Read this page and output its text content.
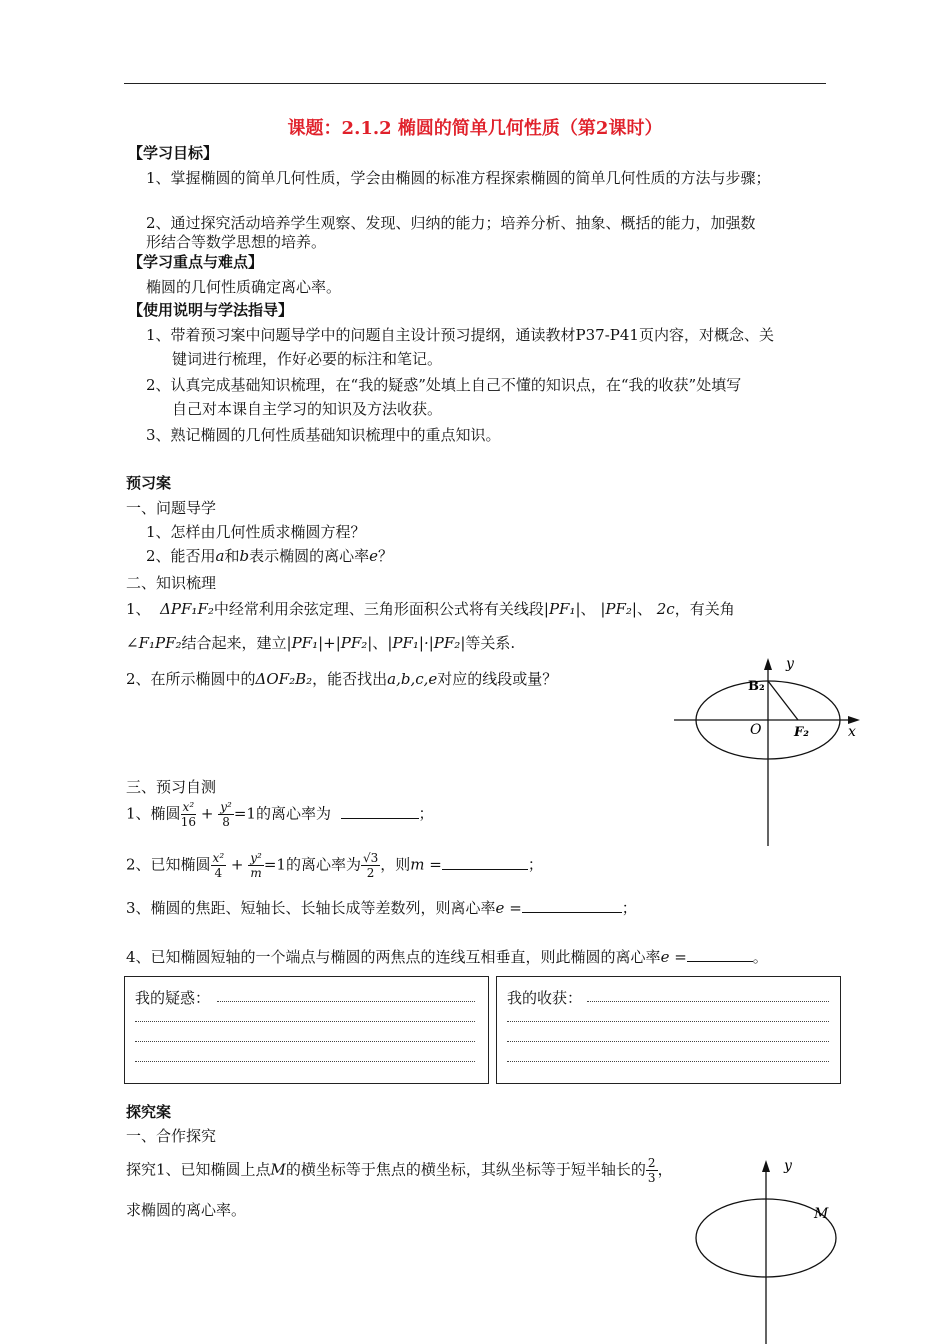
课题：2.1.2 椭圆的简单几何性质（第2课时）
【学习目标】
1、掌握椭圆的简单几何性质，学会由椭圆的标准方程探索椭圆的简单几何性质的方法与步骤；
2、通过探究活动培养学生观察、发现、归纳的能力；培养分析、抽象、概括的能力，加强数
形结合等数学思想的培养。
【学习重点与难点】
椭圆的几何性质确定离心率。
【使用说明与学法指导】
1、带着预习案中问题导学中的问题自主设计预习提纲，通读教材P37-P41页内容，对概念、关
键词进行梳理，作好必要的标注和笔记。
2、认真完成基础知识梳理，在“我的疑惑”处填上自己不懂的知识点，在“我的收获”处填写
自己对本课自主学习的知识及方法收获。
3、熟记椭圆的几何性质基础知识梳理中的重点知识。
预习案
一、问题导学
1、怎样由几何性质求椭圆方程？
2、能否用a和b表示椭圆的离心率e？
二、知识梳理
1、 ΔPF₁F₂中经常利用余弦定理、三角形面积公式将有关线段|PF₁|、 |PF₂|、 2c，有关角
∠F₁PF₂结合起来，建立|PF₁|+|PF₂|、|PF₁|·|PF₂|等关系.
2、在所示椭圆中的ΔOF₂B₂，能否找出a,b,c,e对应的线段或量？
y
x
B₂
O	F₂
三、预习自测
1、椭圆 $\frac{\text{x²}}{16} + \frac{\text{y²}}{8} =1$的离心率为	；
2、已知椭圆 $\frac{\text{x²}}{4} + \frac{\text{y²}}{m} =1$的离心率为 $\frac{√3}{2}$ ，则m =	；
3、椭圆的焦距、短轴长、长轴长成等差数列，则离心率e =	；
4、已知椭圆短轴的一个端点与椭圆的两焦点的连线互相垂直，则此椭圆的离心率e =	。
我的疑惑：	我的收获：
探究案
一、合作探究
探究1、已知椭圆上点M的横坐标等于焦点的横坐标，其纵坐标等于短半轴长的 $\frac{2}{3}$ ，
求椭圆的离心率。
y
M
